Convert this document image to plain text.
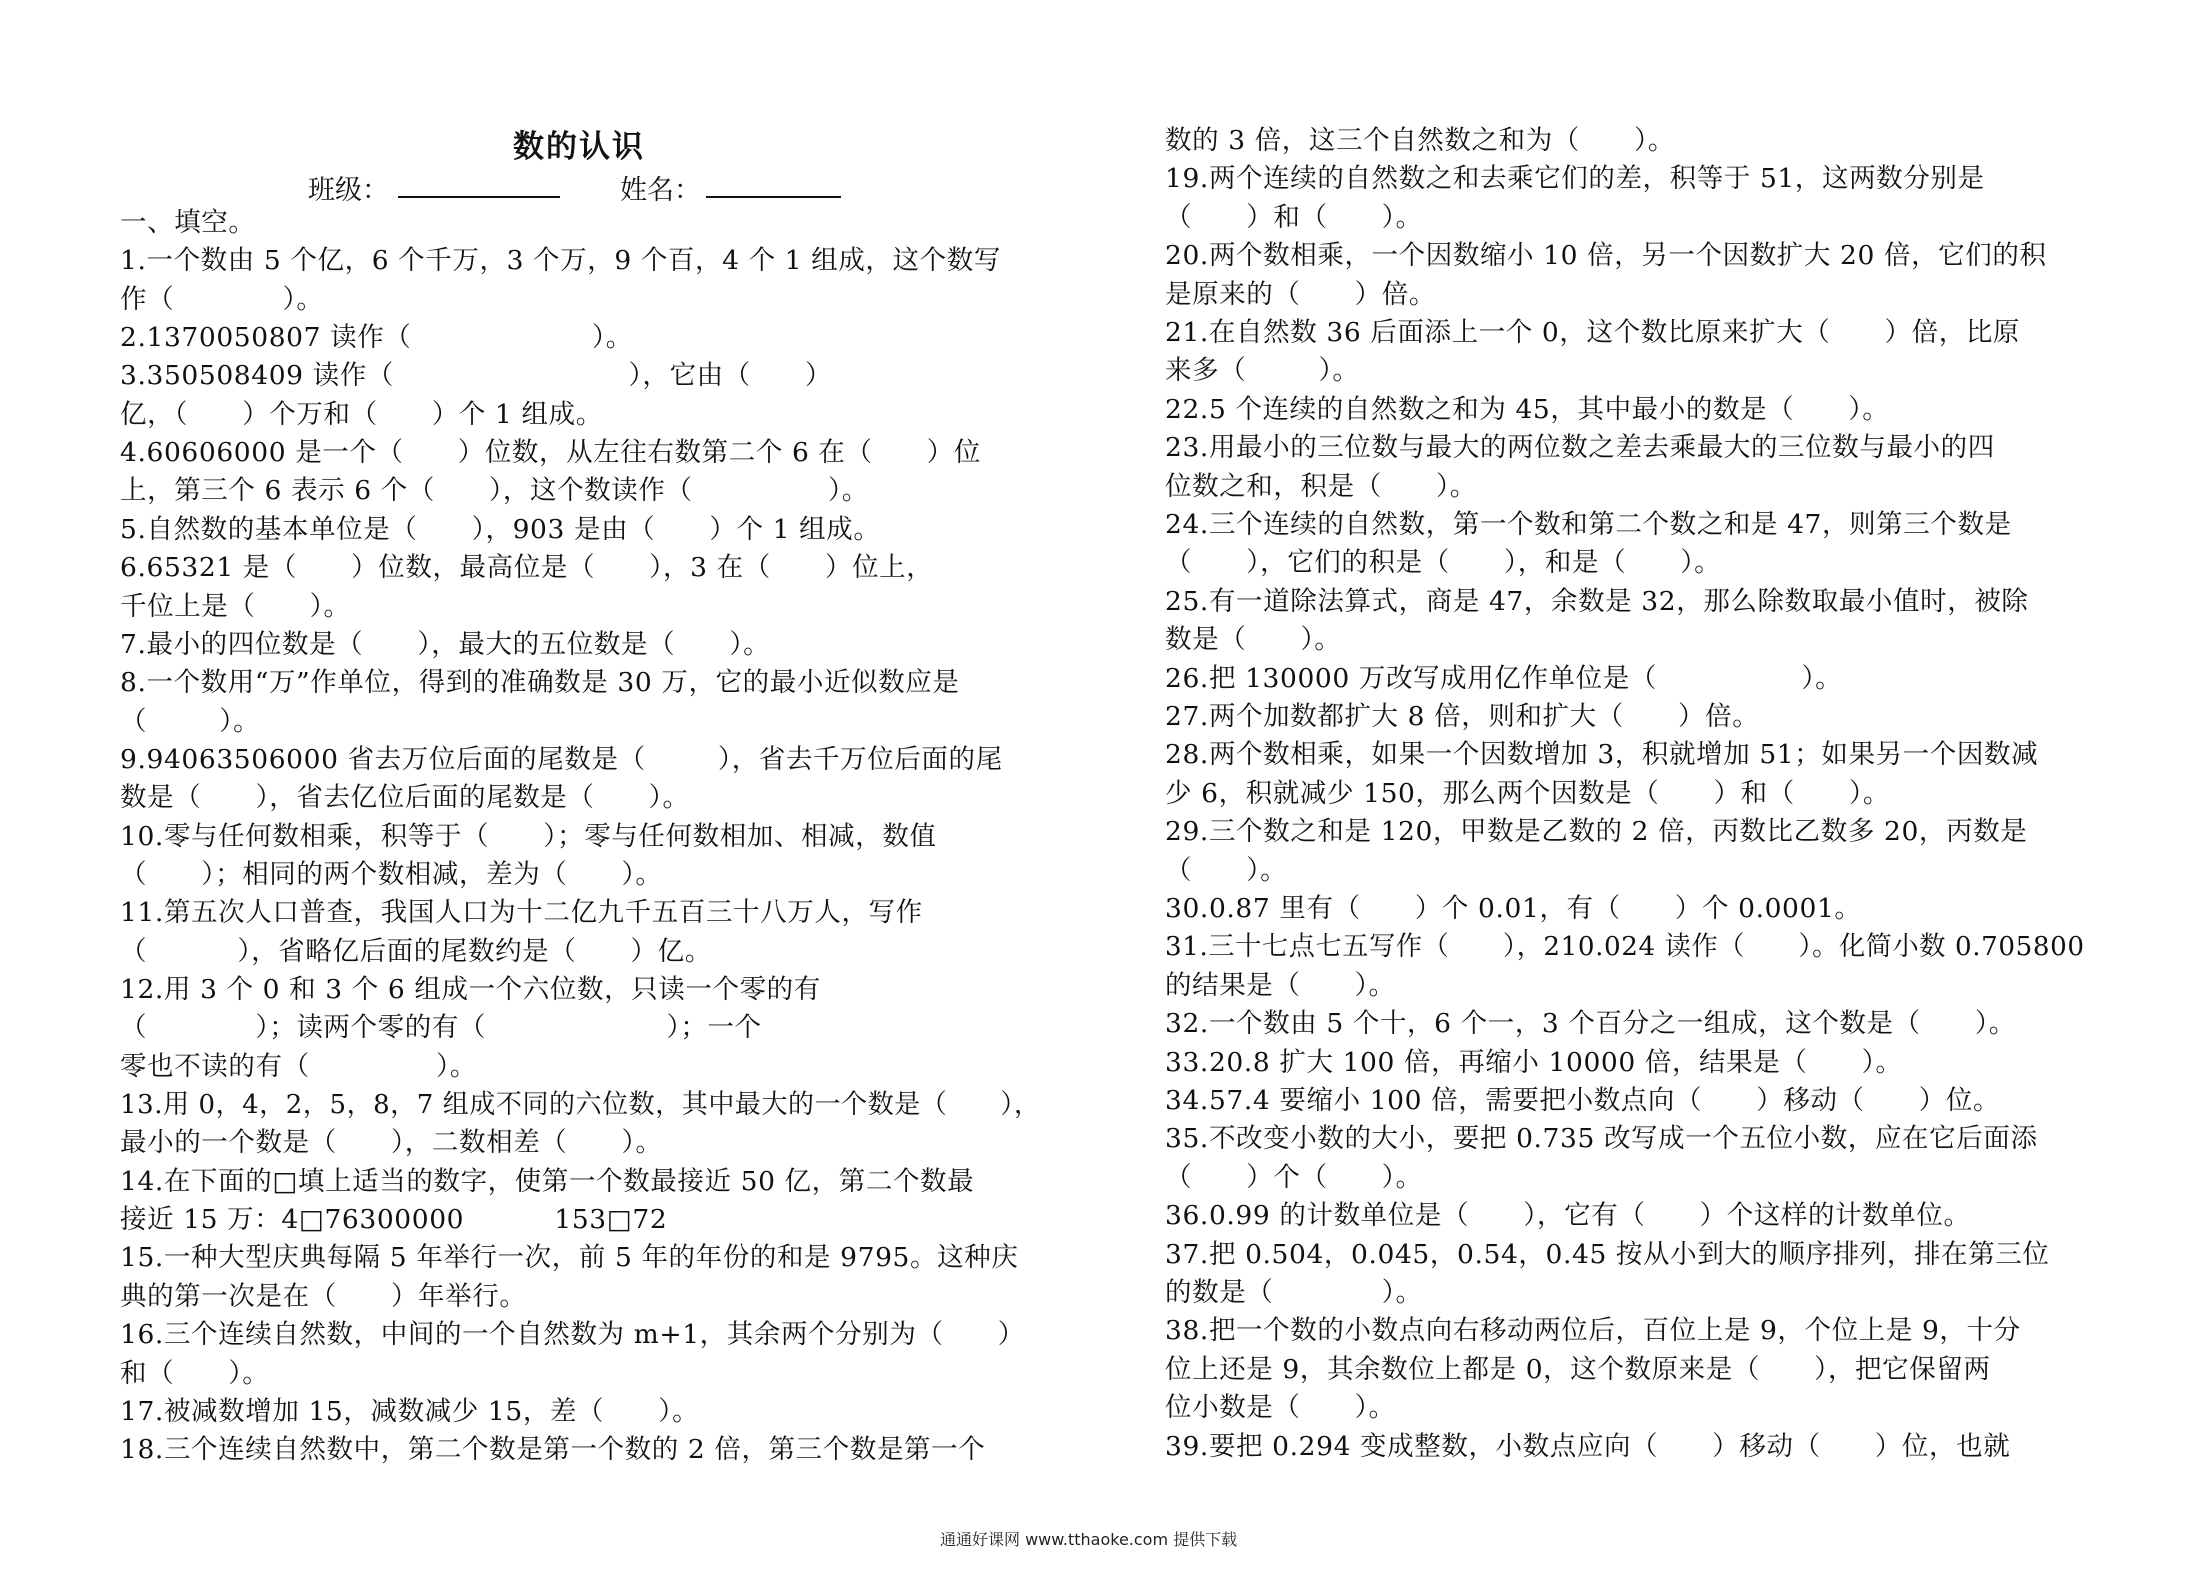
数的认识
班级：	姓名：
一、填空。
1.一个数由 5 个亿，6 个千万，3 个万，9 个百，4 个 1 组成，这个数写
作（            ）。
2.1370050807 读作（                    ）。
3.350508409 读作（                          ），它由（      ）
亿，（      ）个万和（      ）个 1 组成。
4.60606000 是一个（      ）位数，从左往右数第二个 6 在（      ）位
上，第三个 6 表示 6 个（      ），这个数读作（               ）。
5.自然数的基本单位是（      ），903 是由（      ）个 1 组成。
6.65321 是（      ）位数，最高位是（      ），3 在（      ）位上，
千位上是（      ）。
7.最小的四位数是（      ），最大的五位数是（      ）。
8.一个数用“万”作单位，得到的准确数是 30 万，它的最小近似数应是
（        ）。
9.94063506000 省去万位后面的尾数是（        ），省去千万位后面的尾
数是（      ），省去亿位后面的尾数是（      ）。
10.零与任何数相乘，积等于（      ）；零与任何数相加、相减，数值
（      ）；相同的两个数相减，差为（      ）。
11.第五次人口普查，我国人口为十二亿九千五百三十八万人，写作
（          ），省略亿后面的尾数约是（      ）亿。
12.用 3 个 0 和 3 个 6 组成一个六位数，只读一个零的有
（            ）；读两个零的有（                    ）；一个
零也不读的有（              ）。
13.用 0，4，2，5，8，7 组成不同的六位数，其中最大的一个数是（      ），
最小的一个数是（      ），二数相差（      ）。
14.在下面的□填上适当的数字，使第一个数最接近 50 亿，第二个数最
接近 15 万：4□76300000          153□72
15.一种大型庆典每隔 5 年举行一次，前 5 年的年份的和是 9795。这种庆
典的第一次是在（      ）年举行。
16.三个连续自然数，中间的一个自然数为 m+1，其余两个分别为（      ）
和（      ）。
17.被减数增加 15，减数减少 15，差（      ）。
18.三个连续自然数中，第二个数是第一个数的 2 倍，第三个数是第一个
数的 3 倍，这三个自然数之和为（      ）。
19.两个连续的自然数之和去乘它们的差，积等于 51，这两数分别是
（      ）和（      ）。
20.两个数相乘，一个因数缩小 10 倍，另一个因数扩大 20 倍，它们的积
是原来的（      ）倍。
21.在自然数 36 后面添上一个 0，这个数比原来扩大（      ）倍，比原
来多（        ）。
22.5 个连续的自然数之和为 45，其中最小的数是（      ）。
23.用最小的三位数与最大的两位数之差去乘最大的三位数与最小的四
位数之和，积是（      ）。
24.三个连续的自然数，第一个数和第二个数之和是 47，则第三个数是
（      ），它们的积是（      ），和是（      ）。
25.有一道除法算式，商是 47，余数是 32，那么除数取最小值时，被除
数是（      ）。
26.把 130000 万改写成用亿作单位是（                ）。
27.两个加数都扩大 8 倍，则和扩大（      ）倍。
28.两个数相乘，如果一个因数增加 3，积就增加 51；如果另一个因数减
少 6，积就减少 150，那么两个因数是（      ）和（      ）。
29.三个数之和是 120，甲数是乙数的 2 倍，丙数比乙数多 20，丙数是
（      ）。
30.0.87 里有（      ）个 0.01，有（      ）个 0.0001。
31.三十七点七五写作（      ），210.024 读作（      ）。化简小数 0.705800
的结果是（      ）。
32.一个数由 5 个十，6 个一，3 个百分之一组成，这个数是（      ）。
33.20.8 扩大 100 倍，再缩小 10000 倍，结果是（      ）。
34.57.4 要缩小 100 倍，需要把小数点向（      ）移动（      ）位。
35.不改变小数的大小，要把 0.735 改写成一个五位小数，应在它后面添
（      ）个（      ）。
36.0.99 的计数单位是（      ），它有（      ）个这样的计数单位。
37.把 0.504，0.045，0.54，0.45 按从小到大的顺序排列，排在第三位
的数是（            ）。
38.把一个数的小数点向右移动两位后，百位上是 9，个位上是 9，十分
位上还是 9，其余数位上都是 0，这个数原来是（      ），把它保留两
位小数是（      ）。
39.要把 0.294 变成整数，小数点应向（      ）移动（      ）位，也就
通通好课网 www.tthaoke.com 提供下载
